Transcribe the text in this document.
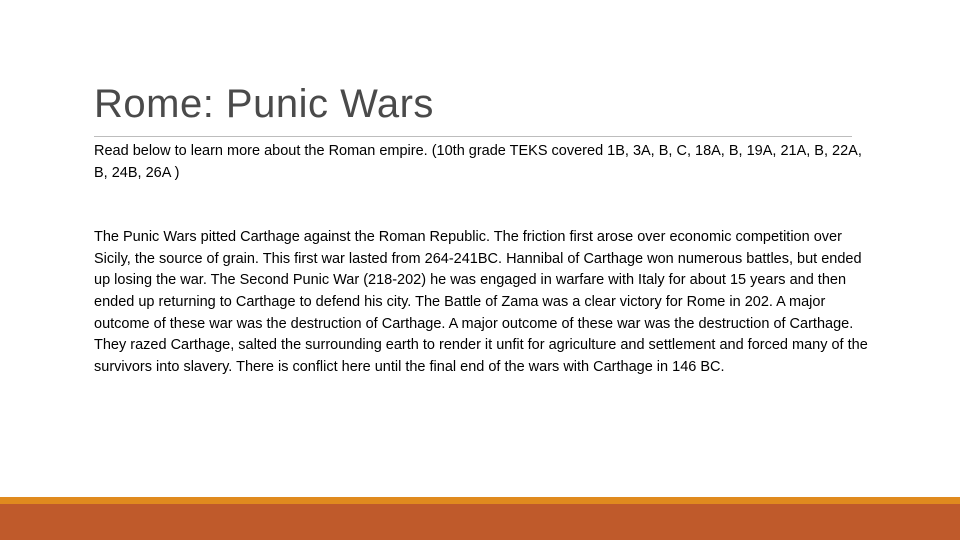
Rome: Punic Wars

Read below to learn more about the Roman empire. (10th grade TEKS covered 1B, 3A, B, C, 18A, B, 19A, 21A, B, 22A, B, 24B, 26A )

The Punic Wars pitted Carthage against the Roman Republic. The friction first arose over economic competition over Sicily, the source of grain. This first war lasted from 264-241BC. Hannibal of Carthage won numerous battles, but ended up losing the war. The Second Punic War (218-202) he was engaged in warfare with Italy for about 15 years and then ended up returning to Carthage to defend his city. The Battle of Zama was a clear victory for Rome in 202. A major outcome of these war was the destruction of Carthage. A major outcome of these war was the destruction of Carthage. They razed Carthage, salted the surrounding earth to render it unfit for agriculture and settlement and forced many of the survivors into slavery. There is conflict here until the final end of the wars with Carthage in 146 BC.
